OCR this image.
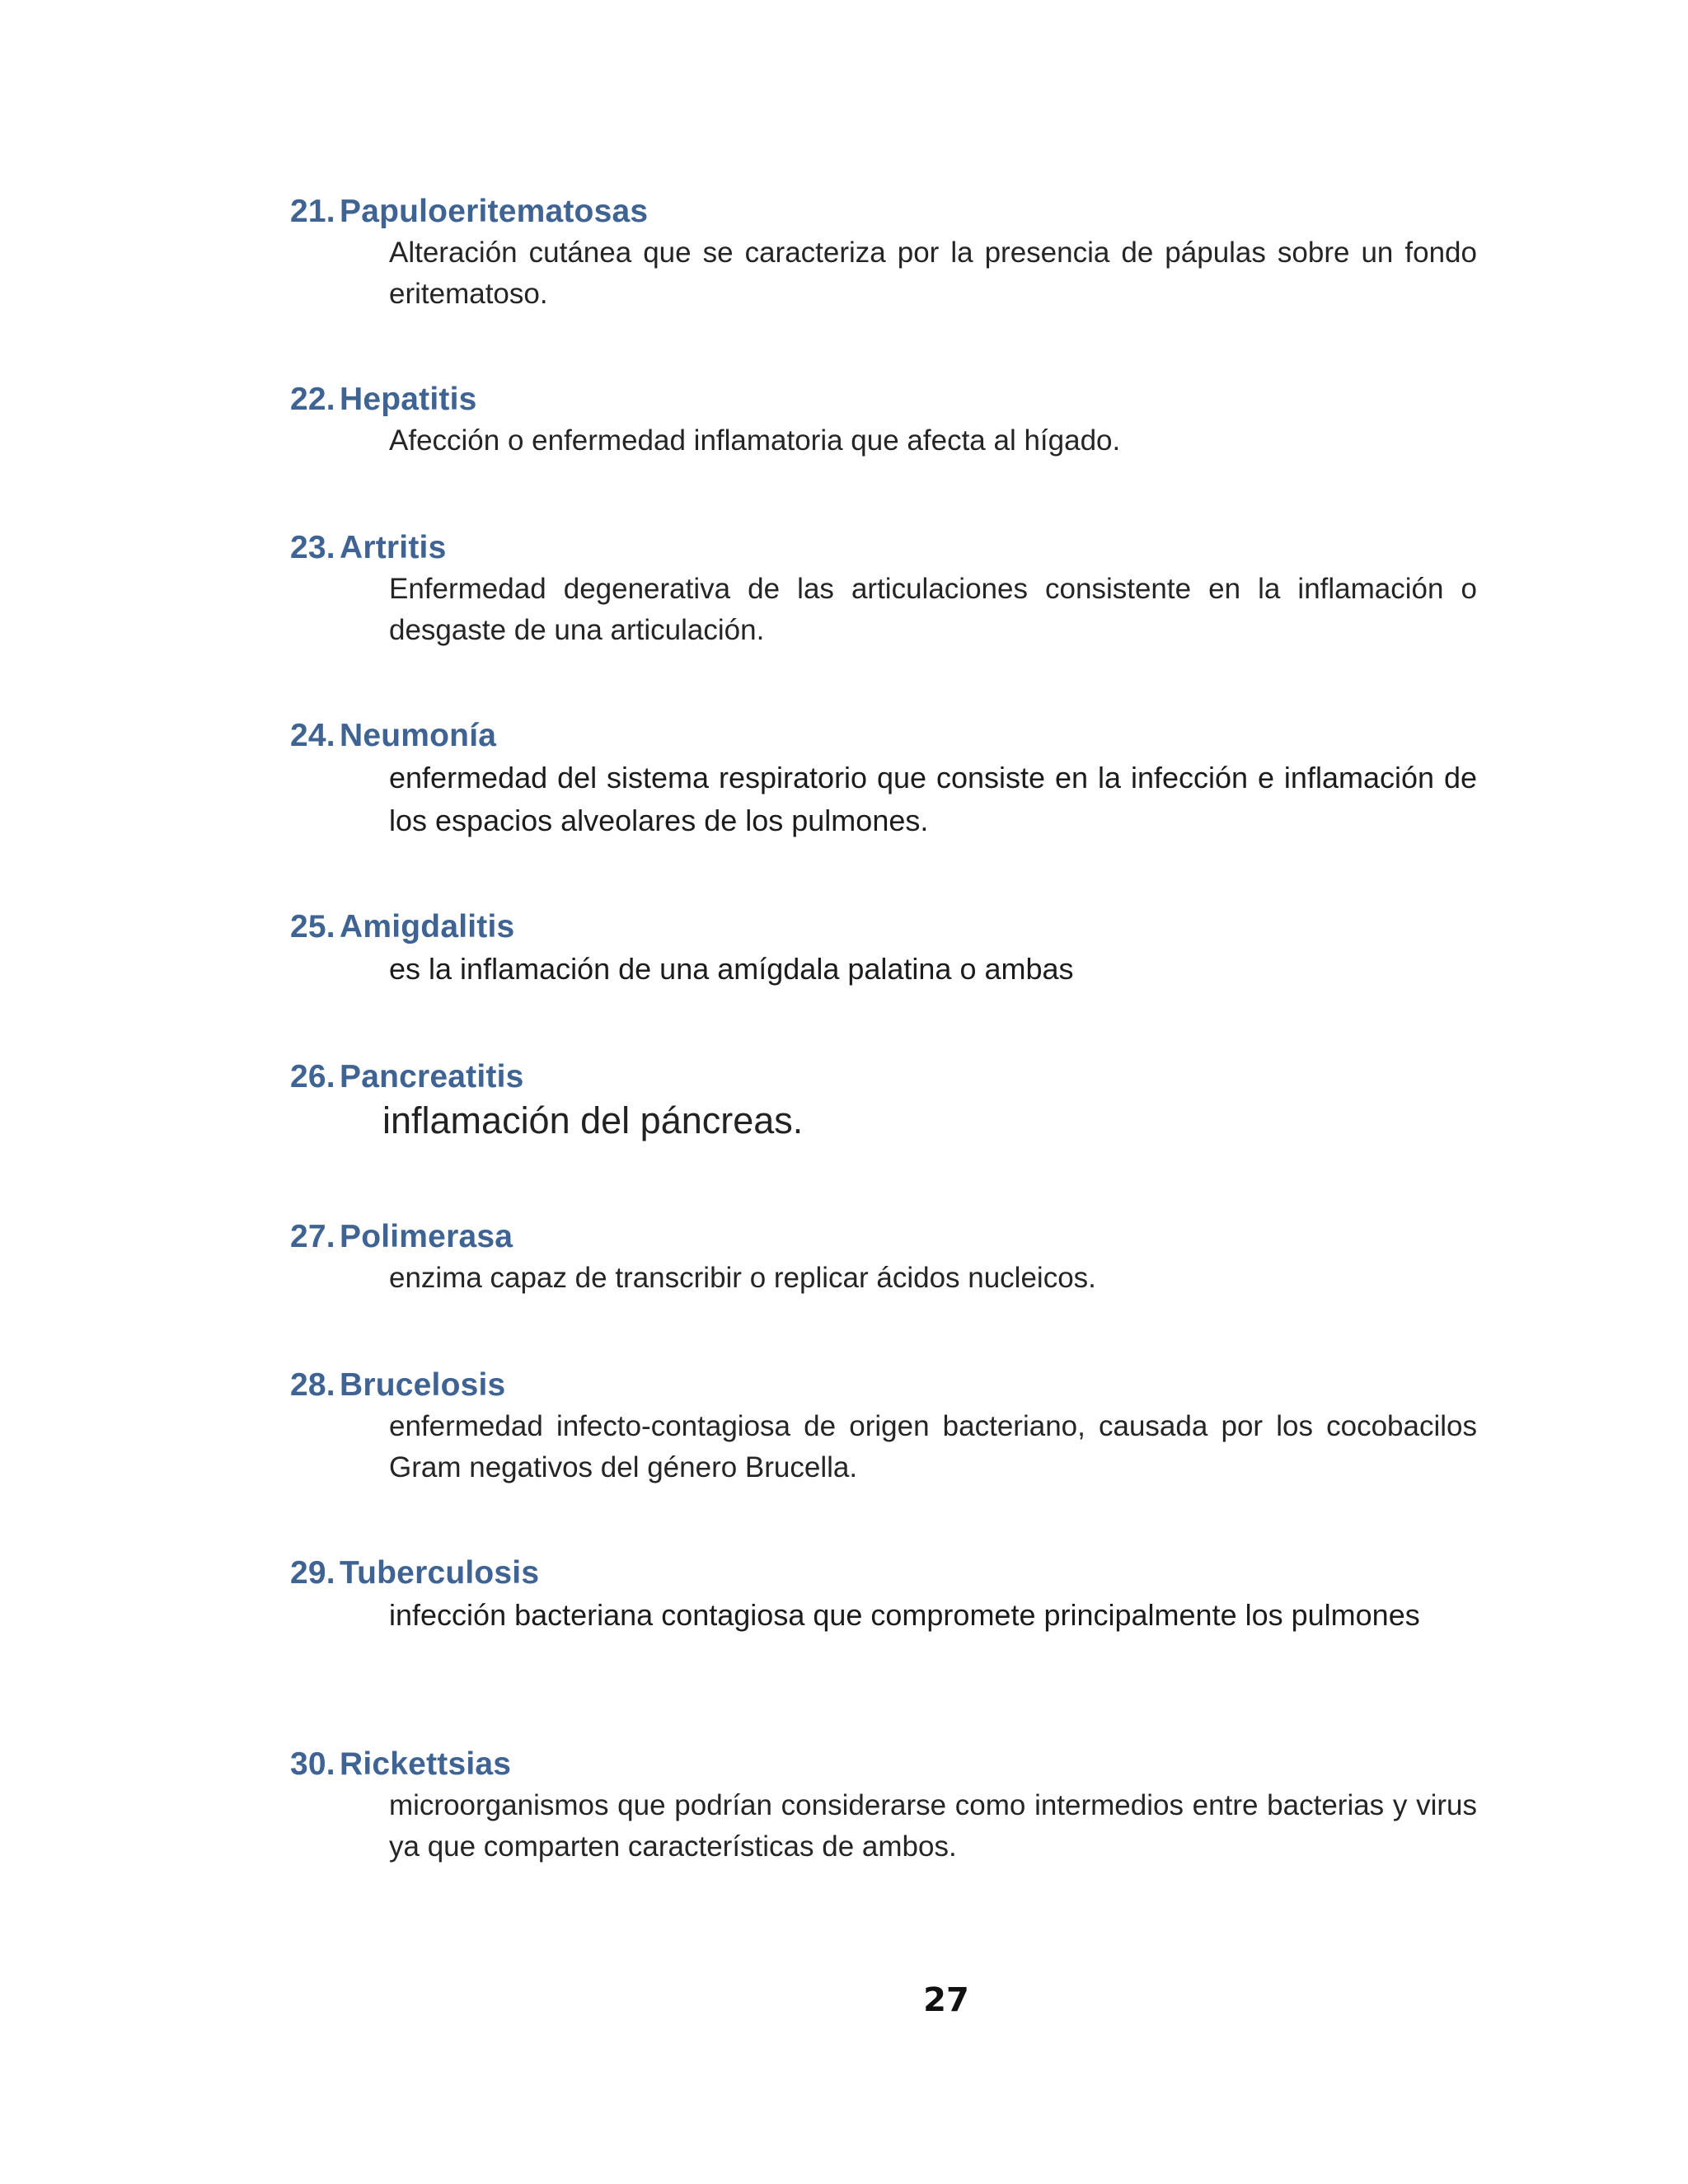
21. Papuloeritematosas
Alteración cutánea que se caracteriza por la presencia de pápulas sobre un fondo eritematoso.
22. Hepatitis
Afección o enfermedad inflamatoria que afecta al hígado.
23. Artritis
Enfermedad degenerativa de las articulaciones consistente en la inflamación o desgaste de una articulación.
24. Neumonía
enfermedad del sistema respiratorio que consiste en la infección e inflamación de los espacios alveolares de los pulmones.
25. Amigdalitis
es la inflamación de una amígdala palatina o ambas
26. Pancreatitis
inflamación del páncreas.
27. Polimerasa
enzima capaz de transcribir o replicar ácidos nucleicos.
28. Brucelosis
enfermedad infecto-contagiosa de origen bacteriano, causada por los cocobacilos Gram negativos del género Brucella.
29. Tuberculosis
infección bacteriana contagiosa que compromete principalmente los pulmones
30. Rickettsias
microorganismos que podrían considerarse como intermedios entre bacterias y virus ya que comparten características de ambos.
27
